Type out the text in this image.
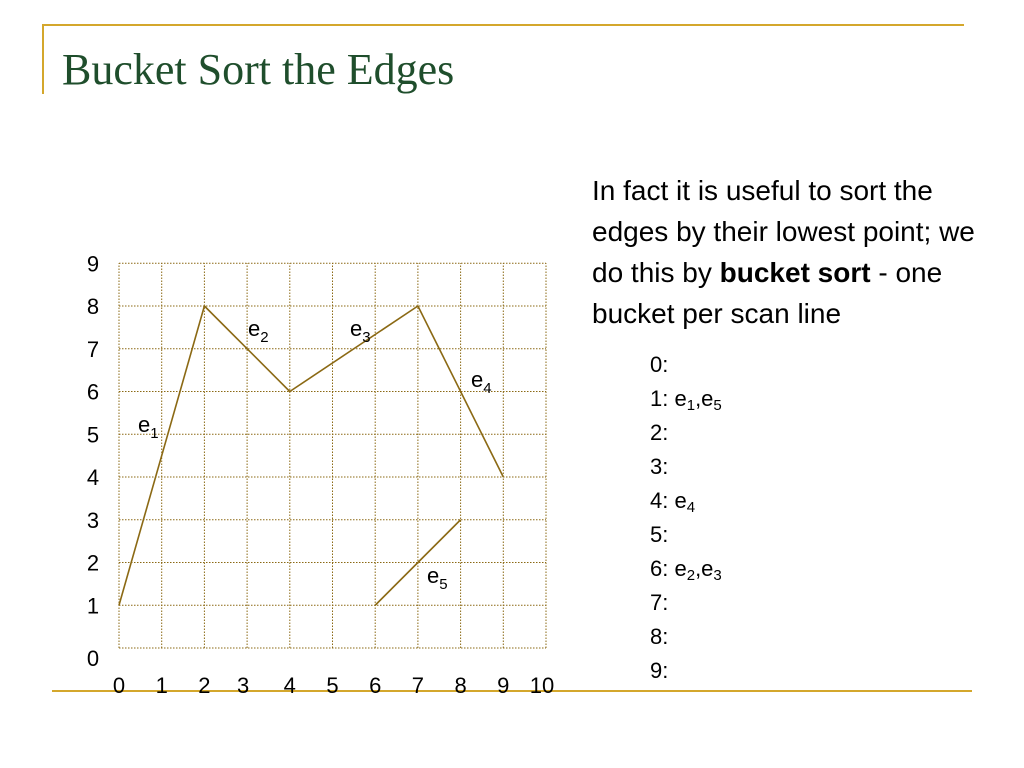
Bucket Sort the Edges
In fact it is useful to sort the edges by their lowest point; we do this by bucket sort - one bucket per scan line
0:
1: $e_1,e_5$
2:
3:
4: $e_4$
5:
6: $e_2,e_3$
7:
8:
9:
0 1 2 3 4 5 6 7 8 9 10
0
1
2
3
4
5
6
7
8
9
$e_1$
$e_2$	$e_3$
$e_4$
$e_5$
